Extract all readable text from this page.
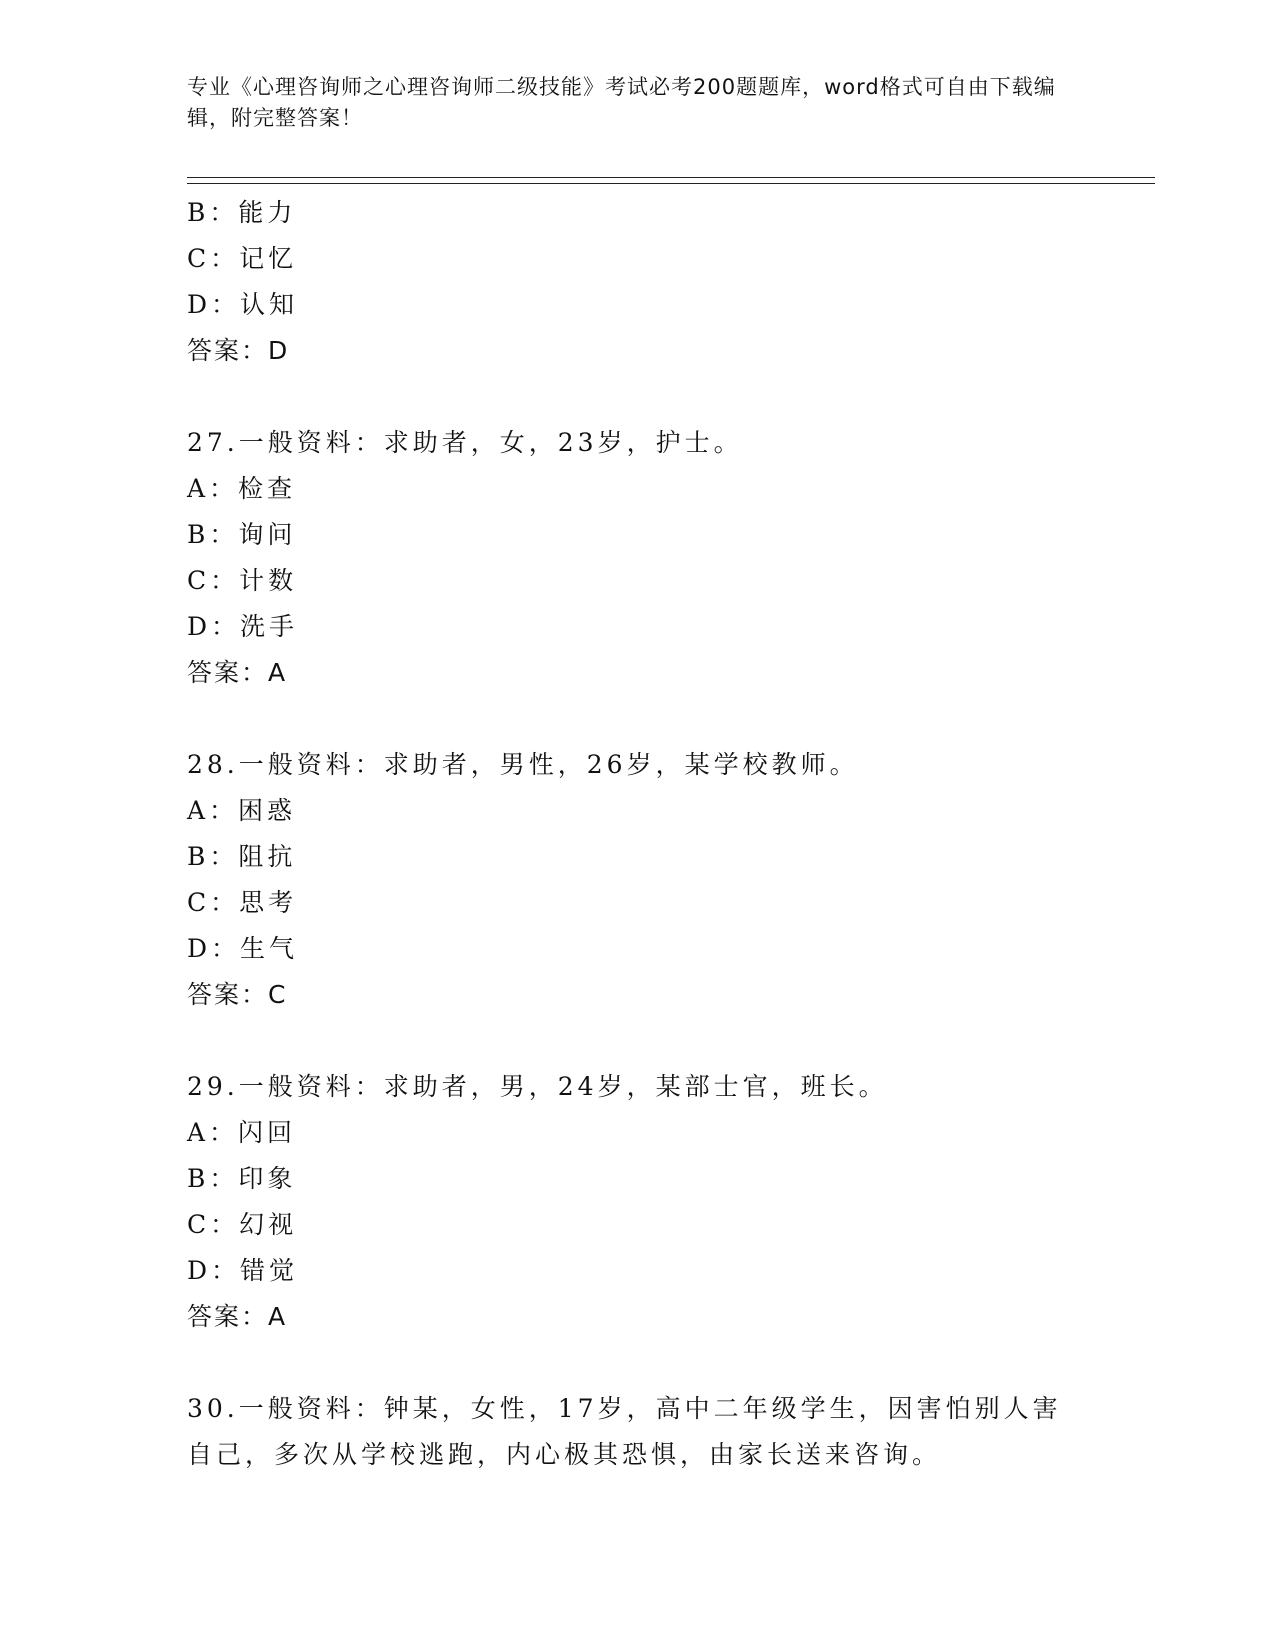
专业《心理咨询师之心理咨询师二级技能》考试必考200题题库，word格式可自由下载编辑，附完整答案！
B：能力
C：记忆
D：认知
答案：D
27.一般资料：求助者，女，23岁，护士。
A：检查
B：询问
C：计数
D：洗手
答案：A
28.一般资料：求助者，男性，26岁，某学校教师。
A：困惑
B：阻抗
C：思考
D：生气
答案：C
29.一般资料：求助者，男，24岁，某部士官，班长。
A：闪回
B：印象
C：幻视
D：错觉
答案：A
30.一般资料：钟某，女性，17岁，高中二年级学生，因害怕别人害自己，多次从学校逃跑，内心极其恐惧，由家长送来咨询。
